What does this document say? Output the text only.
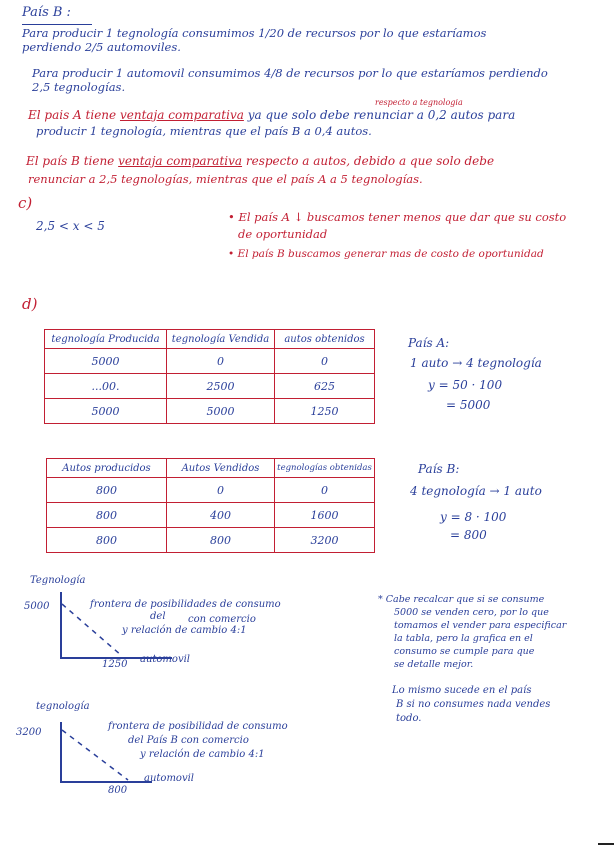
País B :
Para producir 1 tegnología consumimos 1/20 de recursos por lo que estaríamos
perdiendo 2/5 automoviles.
Para producir 1 automovil consumimos 4/8 de recursos por lo que estaríamos perdiendo
2,5 tegnologías.
respecto a tegnologia
El pais A tiene ventaja comparativa ya que solo debe renunciar a 0,2 autos para
producir 1 tegnología, mientras que el país B a 0,4 autos.
El país B tiene ventaja comparativa respecto a autos, debido a que solo debe
renunciar a 2,5 tegnologías, mientras que el país A a 5 tegnologías.
c)
2,5 < x < 5
• El país A ↓ buscamos tener menos que dar que su costo
de oportunidad
• El país B buscamos generar mas de costo de oportunidad
d)
tegnología Producida	tegnología Vendida	autos obtenidos
5000	0	0
...00.	2500	625
5000	5000	1250
País A:
1 auto → 4 tegnología
y = 50 · 100
= 5000
Autos producidos	Autos Vendidos	tegnologías obtenidas
800	0	0
800	400	1600
800	800	3200
País B:
4 tegnología → 1 auto
y = 8 · 100
= 800
Tegnología
5000
1250 automovil
frontera de posibilidades de consumo
del con comercio
y relación de cambio 4:1
tegnología
3200
800
automovil
frontera de posibilidad de consumo
del País B con comercio
y relación de cambio 4:1
* Cabe recalcar que si se consume
5000 se venden cero, por lo que
tomamos el vender para especificar
la tabla, pero la grafica en el
consumo se cumple para que
se detalle mejor.
Lo mismo sucede en el país
B si no consumes nada vendes
todo.
